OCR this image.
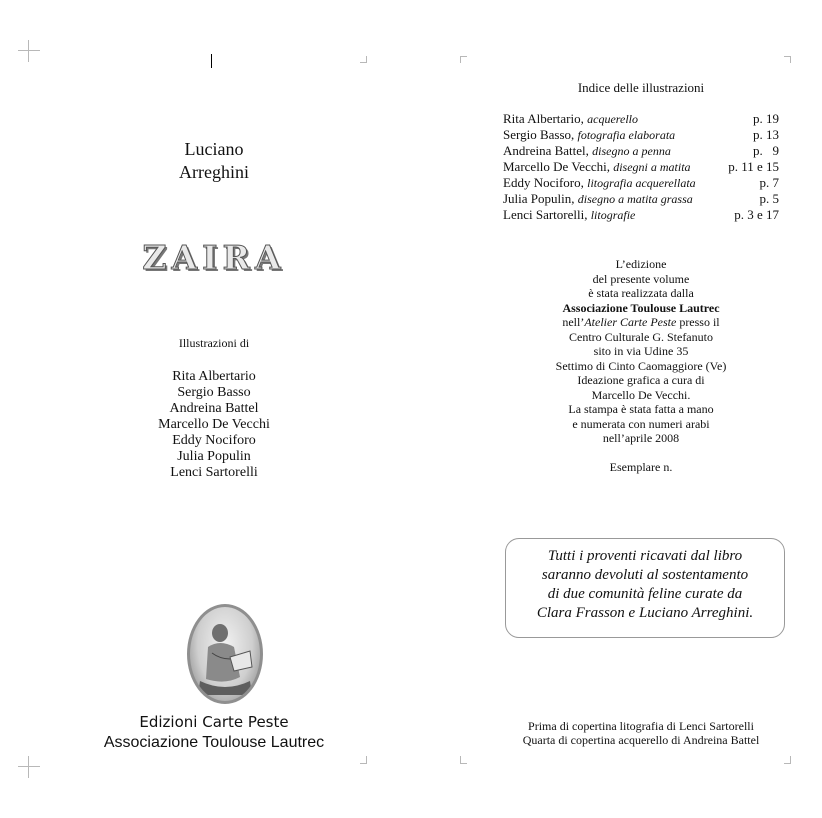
Luciano
Arreghini
ZAIRA
Illustrazioni di
Rita Albertario
Sergio Basso
Andreina Battel
Marcello De Vecchi
Eddy Nociforo
Julia Populin
Lenci Sartorelli
Edizioni Carte Peste
Associazione Toulouse Lautrec
Indice delle illustrazioni
Rita Albertario, acquerello	p. 19
Sergio Basso, fotografia elaborata	p. 13
Andreina Battel, disegno a penna	p.   9
Marcello De Vecchi, disegni a matita	p. 11 e 15
Eddy Nociforo, litografia acquerellata	p. 7
Julia Populin, disegno a matita grassa	p. 5
Lenci Sartorelli, litografie	p. 3 e 17
L’edizione
del presente volume
è stata realizzata dalla
Associazione Toulouse Lautrec
nell’Atelier Carte Peste presso il
Centro Culturale G. Stefanuto
sito in via Udine 35
Settimo di Cinto Caomaggiore (Ve)
Ideazione grafica a cura di
Marcello De Vecchi.
La stampa è stata fatta a mano
e numerata con numeri arabi
nell’aprile 2008
Esemplare n.
Tutti i proventi ricavati dal libro
saranno devoluti al sostentamento
di due comunità feline curate da
Clara Frasson e Luciano Arreghini.
Prima di copertina litografia di Lenci Sartorelli
Quarta di copertina acquerello di Andreina Battel
